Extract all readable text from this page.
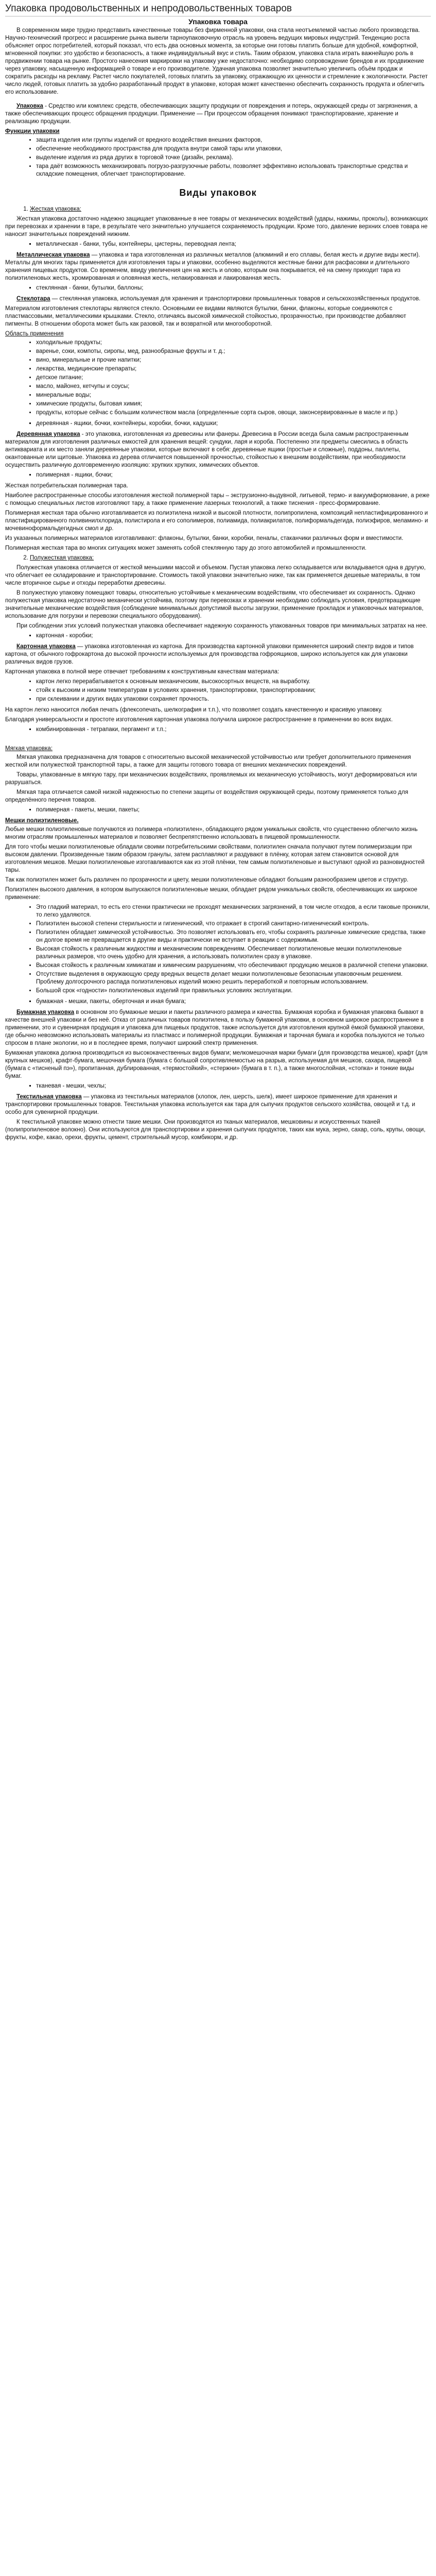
Упаковка продовольственных и непродовольственных товаров
Упаковка товара

В современном мире трудно представить качественные товары без фирменной упаковки, она стала неотъемлемой частью любого производства. Научно-технический прогресс и расширение рынка вывели тарноупаковочную отрасль на уровень ведущих мировых индустрий. Тенденцию роста объясняет опрос потребителей, который показал, что есть два основных момента, за которые они готовы платить больше для удобной, комфортной, мгновенной покупки: это удобство и безопасность, а также индивидуальный вкус и стиль. Таким образом, упаковка стала играть важнейшую роль в продвижении товара на рынке. Простого нанесения маркировки на упаковку уже недостаточно: необходимо сопровождение брендов и их продвижение через упаковку, насыщенную информацией о товаре и его производителе. Удачная упаковка позволяет значительно увеличить объём продаж и сократить расходы на рекламу. Растет число покупателей, готовых платить за упаковку, отражающую их ценности и стремление к экологичности. Растет число людей, готовых платить за удобно разработанный продукт в упаковке, которая может качественно обеспечить сохранность продукта и облегчить его использование.

Упаковка - Средство или комплекс средств, обеспечивающих защиту продукции от повреждения и потерь, окружающей среды от загрязнения, а также обеспечивающих процесс обращения продукции. Применение — При процессом обращения понимают транспортирование, хранение и реализацию продукции.

Функции упаковки
• защита изделия или группы изделий от вредного воздействия внешних факторов,
• обеспечение необходимого пространства для продукта внутри самой тары или упаковки,
• выделение изделия из ряда других в торговой точке (дизайн, реклама).
• тара даёт возможность механизировать погрузо-разгрузочные работы, позволяет эффективно использовать транспортные средства и складские помещения, облегчает транспортирование.
Виды упаковок
1. Жесткая упаковка:

Жесткая упаковка достаточно надежно защищает упакованные в нее товары от механических воздействий (удары, нажимы, проколы), возникающих при перевозках и хранении в таре, в результате чего значительно улучшается сохраняемость продукции. Кроме того, давление верхних слоев товара не наносит значительных повреждений нижним.

▪ металлическая - банки, тубы, контейнеры, цистерны, переводная лента;

Металлическая упаковка — упаковка и тара изготовленная из различных металлов (алюминий и его сплавы, белая жесть и другие виды жести). Металлы для многих тары применяется для изготовления тары и упаковки, особенно выделяются жестяные банки для расфасовки и длительного хранения пищевых продуктов. Со временем, ввиду увеличения цен на жесть и олово, которым она покрывается, её на смену приходит тара из полиэтиленовых жесть, хромированная и оловянная жесть, нелакированная и лакированная жесть.

▪ стеклянная - банки, бутылки, баллоны;

Стеклотара — стеклянная упаковка, используемая для хранения и транспортировки промышленных товаров и сельскохозяйственных продуктов.

Материалом изготовления стеклотары являются стекло. Основными ее видами являются бутылки, банки, флаконы, которые соединяются с пластмассовыми, металлическими крышками. Стекло, отличаясь высокой химической стойкостью, прозрачностью, при производстве добавляют пигменты. В отношении оборота может быть как разовой, так и возвратной или многооборотной.

Область применения
• холодильные продукты;
• варенье, соки, компоты, сиропы, мед, разнообразные фрукты и т. д.;
• вино, минеральные и прочие напитки;
• лекарства, медицинские препараты;
• детское питание;
• маслo, майонез, кетчупы и соусы;
• минеральные воды;
• химические продукты, бытовая химия;
• продукты, которые сейчас с большим количеством масла (определенные сорта сыров, овощи, законсервированные в масле и пр.)
▪ деревянная - ящики, бочки, контейнеры, коробки, бочки, кадушки;

Деревянная упаковка - это упаковка, изготовленная из древесины или фанеры. Древесина в России всегда была самым распространенным материалом для изготовления различных емкостей для хранения вещей: сундуки, ларя и короба. Постепенно эти предметы смесились в область антиквариата и их место заняли деревянные упаковки, которые включают в себя: деревянные ящики (простые и сложные), поддоны, паллеты, окантованные или щитовые. Упаковка из дерева отличается повышенной прочностью, стойкостью к внешним воздействиям, при необходимости осуществить различную долговременную изоляцию: хрупких хрупких, химических объектов.

▪ полимерная - ящики, бочки;

Жесткая потребительская полимерная тара.

Наиболее распространенные способы изготовления жесткой полимерной тары – экструзионно-выдувной, литьевой, термо- и вакуумформование, а реже с помощью специальных листов изготовляют тару, а также применение лазерных технологий, а также тиснения - пресс-формирование.

Полимерная жесткая тара обычно изготавливается из полиэтилена низкой и высокой плотности, полипропилена, композиций непластифицированного и пластифицированного поливинилхлорида, полистирола и его сополимеров, полиамида, полиакрилатов, полиформальдегида, полиэфиров, меламино- и мочевиноформальдегидных смол и др.

Из указанных полимерных материалов изготавливают: флаконы, бутылки, банки, коробки, пеналы, стаканчики различных форм и вместимости.

Полимерная жесткая тара во многих ситуациях может заменять собой стеклянную тару до этого автомобилей и промышленности.

2. Полужесткая упаковка:

Полужесткая упаковка отличается от жесткой меньшими массой и объемом. Пустая упаковка легко складывается или вкладывается одна в другую, что облегчает ее складирование и транспортирование. Стоимость такой упаковки значительно ниже, так как применяется дешевые материалы, в том числе вторичное сырье и отходы переработки древесины.

В полужесткую упаковку помещают товары, относительно устойчивые к механическим воздействиям, что обеспечивает их сохранность. Однако полужесткая упаковка недостаточно механически устойчива, поэтому при перевозках и хранении необходимо соблюдать условия, предотвращающие значительные механические воздействия (соблюдение минимальных допустимой высоты загрузки, применение прокладок и упаковочных материалов, использование для погрузки и перевозки специального оборудования).

При соблюдении этих условий полужесткая упаковка обеспечивает надежную сохранность упакованных товаров при минимальных затратах на нее.

▪ картонная - коробки;

Картонная упаковка — упаковка изготовленная из картона. Для производства картонной упаковки применяется широкий спектр видов и типов картона, от обычного гофрокартона до высокой прочности используемых для производства гофроящиков, широко используется как для упаковки различных видов грузов.

Картонная упаковка в полной мере отвечает требованиям к конструктивным качествам материала:

• картон легко перерабатывается к основным механическим, высокосортных веществ, на выработку.
• стойк к высоким и низким температурам в условиях хранения, транспортировки, транспортировании;
• при склеивании и других видах упаковки сохраняет прочность.

На картон легко наносится любая печать (флексопечать, шелкография и т.п.), что позволяет создать качественную и красивую упаковку.

Благодаря универсальности и простоте изготовления картонная упаковка получила широкое распространение в применении во всех видах.

▪ комбинированная - тетрапаки, пергамент и т.п.;
Мягкая упаковка:

Мягкая упаковка предназначена для товаров с относительно высокой механической устойчивостью или требует дополнительного применения жесткой или полужесткой транспортной тары, а также для защиты готового товара от внешних механических повреждений.

Товары, упакованные в мягкую тару, при механических воздействиях, проявляемых их механическую устойчивость, могут деформироваться или разрушаться.

Мягкая тара отличается самой низкой надежностью по степени защиты от воздействия окружающей среды, поэтому применяется только для определённого перечня товаров.

▪ полимерная - пакеты, мешки, пакеты;
Мешки полиэтиленовые.

Любые мешки полиэтиленовые получаются из полимера «полиэтилен», обладающего рядом уникальных свойств, что существенно облегчило жизнь многим отраслям промышленных материалов и позволяет беспрепятственно использовать в пищевой промышленности.

Для того чтобы мешки полиэтиленовые обладали своими потребительскими свойствами, полиэтилен сначала получают путем полимеризации при высоком давлении. Произведенные таким образом гранулы, затем расплавляют и раздувают в плёнку, которая затем становится основой для изготовления мешков. Мешки полиэтиленовые изготавливаются как из этой плёнки, тем самым полиэтиленовые и выступают одной из разновидностей тары.

Так как полиэтилен может быть различен по прозрачности и цвету, мешки полиэтиленовые обладают большим разнообразием цветов и структур.

Полиэтилен высокого давления, в котором выпускаются полиэтиленовые мешки, обладает рядом уникальных свойств, обеспечивающих их широкое применение:

• Это гладкий материал, то есть его стенки практически не проходят механических загрязнений, в том числе отходов, а если таковые проникли, то легко удаляются.
• Полиэтилен высокой степени стерильности и гигиенический, что отражает в строгий санитарно-гигиенический контроль.
• Полиэтилен обладает химической устойчивостью. Это позволяет использовать его, чтобы сохранять различные химические средства, также он долгое время не превращается в другие виды и практически не вступает в реакции с содержимым.
• Высокая стойкость к различным жидкостям и механическим повреждениям. Обеспечивает полиэтиленовые мешки полиэтиленовые различных размеров, что очень удобно для хранения, а использовать полиэтилен сразу в упаковке.
• Высокая стойкость к различным химикатам и химическим разрушениям, что обеспечивают продукцию мешков в различной степени упаковки.
• Отсутствие выделения в окружающую среду вредных веществ делает мешки полиэтиленовые безопасным упаковочным решением. Проблему долгосрочного распада полиэтиленовых изделий можно решить переработкой и повторным использованием.
• Большой срок «годности» полиэтиленовых изделий при правильных условиях эксплуатации.
▪ бумажная - мешки, пакеты, оберточная и иная бумага;

Бумажная упаковка в основном это бумажные мешки и пакеты различного размера и качества. Бумажная коробка и бумажная упаковка бывают в качестве внешней упаковки и без неё. Отказ от различных товаров полиэтилена, в пользу бумажной упаковки, в основном широкое распространение в применении, это и сувенирная продукция и упаковка для пищевых продуктов, также используется для изготовления крупной ёмкой бумажной упаковки, где обычно невозможно использовать материалы из пластмасс и полимерной продукции. Бумажная и тарочная бумага и коробка пользуются не только спросом в плане экологии, но и в последнее время, получают широкий спектр применения.

Бумажная упаковка должна производиться из высококачественных видов бумаги; мелкомешочная марки бумаги (для производства мешков), крафт (для крупных мешков), крафт-бумага, мешочная бумага (бумага с большой сопротивляемостью на разрыв, используемая для мешков, сахара, пищевой (бумага с «тисненый пэ»), пропитанная, дублированная, «термостойкий», «стержни» (бумага в т. п.), а также многослойная, «стопка» и тонкие виды бумаг.

▪ тканевая - мешки, чехлы;

Текстильная упаковка — упаковка из текстильных материалов (хлопок, лен, шерсть, шелк), имеет широкое применение для хранения и транспортировки промышленных товаров. Текстильная упаковка используется как тара для сыпучих продуктов сельского хозяйства, овощей и т.д. и особо для сувенирной продукции.

К текстильной упаковке можно отнести такие мешки. Они производятся из тканых материалов, мешковины и искусственных тканей (полипропиленовое волокно). Они используются для транспортировки и хранения сыпучих продуктов, таких как мука, зерно, сахар, соль, крупы, овощи, фрукты, кофе, какао, орехи, фрукты, цемент, строительный мусор, комбикорм, и др.
